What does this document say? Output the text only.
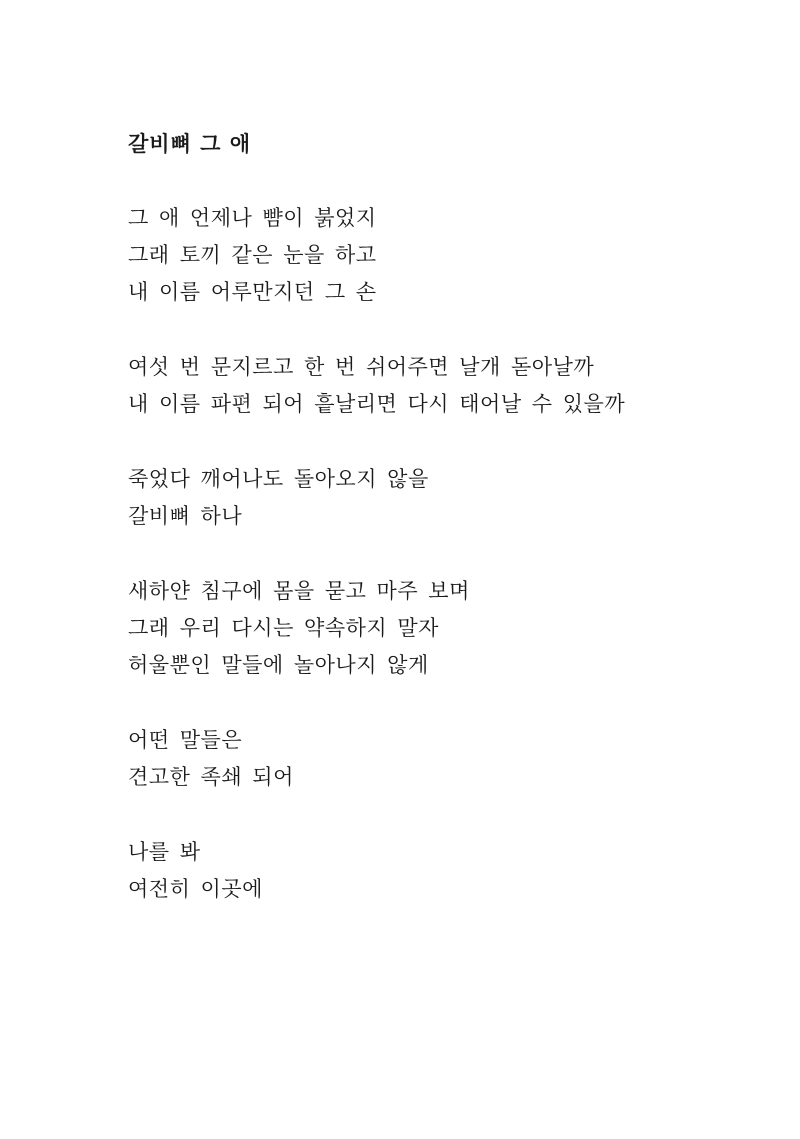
갈비뼈 그 애
그 애 언제나 뺨이 붉었지
그래 토끼 같은 눈을 하고
내 이름 어루만지던 그 손
여섯 번 문지르고 한 번 쉬어주면 날개 돋아날까
내 이름 파편 되어 흩날리면 다시 태어날 수 있을까
죽었다 깨어나도 돌아오지 않을
갈비뼈 하나
새하얀 침구에 몸을 묻고 마주 보며
그래 우리 다시는 약속하지 말자
허울뿐인 말들에 놀아나지 않게
어떤 말들은
견고한 족쇄 되어
나를 봐
여전히 이곳에
